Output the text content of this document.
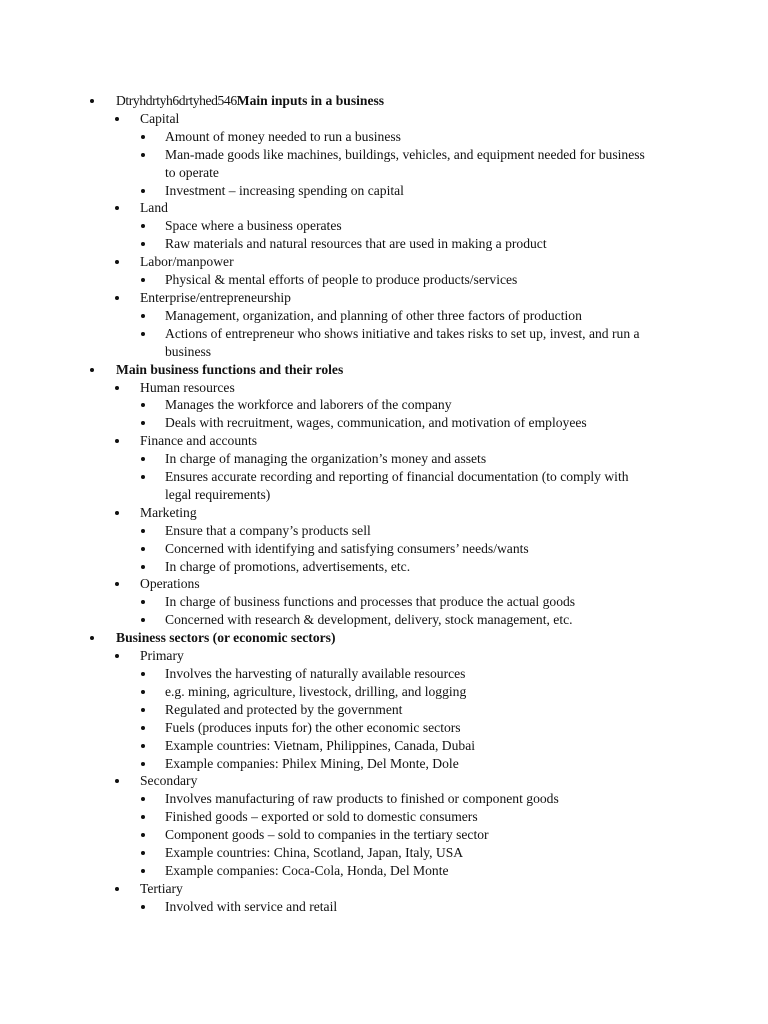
Dtryhdrtyh6drtyhed546Main inputs in a business
Capital
Amount of money needed to run a business
Man-made goods like machines, buildings, vehicles, and equipment needed for business to operate
Investment – increasing spending on capital
Land
Space where a business operates
Raw materials and natural resources that are used in making a product
Labor/manpower
Physical & mental efforts of people to produce products/services
Enterprise/entrepreneurship
Management, organization, and planning of other three factors of production
Actions of entrepreneur who shows initiative and takes risks to set up, invest, and run a business
Main business functions and their roles
Human resources
Manages the workforce and laborers of the company
Deals with recruitment, wages, communication, and motivation of employees
Finance and accounts
In charge of managing the organization’s money and assets
Ensures accurate recording and reporting of financial documentation (to comply with legal requirements)
Marketing
Ensure that a company’s products sell
Concerned with identifying and satisfying consumers’ needs/wants
In charge of promotions, advertisements, etc.
Operations
In charge of business functions and processes that produce the actual goods
Concerned with research & development, delivery, stock management, etc.
Business sectors (or economic sectors)
Primary
Involves the harvesting of naturally available resources
e.g. mining, agriculture, livestock, drilling, and logging
Regulated and protected by the government
Fuels (produces inputs for) the other economic sectors
Example countries: Vietnam, Philippines, Canada, Dubai
Example companies: Philex Mining, Del Monte, Dole
Secondary
Involves manufacturing of raw products to finished or component goods
Finished goods – exported or sold to domestic consumers
Component goods – sold to companies in the tertiary sector
Example countries: China, Scotland, Japan, Italy, USA
Example companies: Coca-Cola, Honda, Del Monte
Tertiary
Involved with service and retail
